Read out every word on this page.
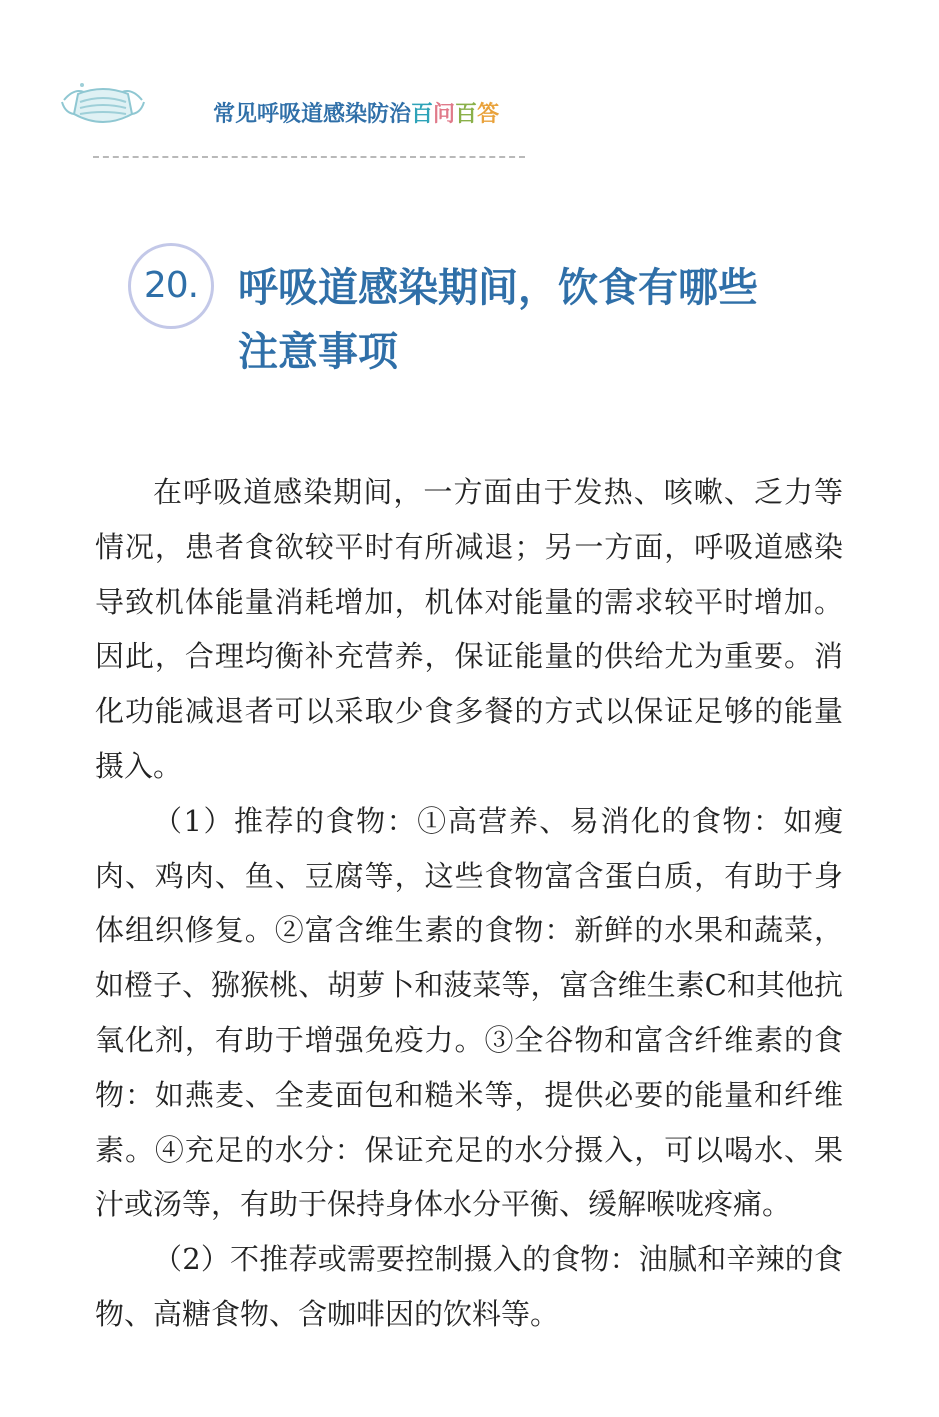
常见呼吸道感染防治百问百答
20. 呼吸道感染期间，饮食有哪些
注意事项

在呼吸道感染期间，一方面由于发热、咳嗽、乏力等情况，患者食欲较平时有所减退；另一方面，呼吸道感染导致机体能量消耗增加，机体对能量的需求较平时增加。因此，合理均衡补充营养，保证能量的供给尤为重要。消化功能减退者可以采取少食多餐的方式以保证足够的能量摄入。

（1）推荐的食物：①高营养、易消化的食物：如瘦肉、鸡肉、鱼、豆腐等，这些食物富含蛋白质，有助于身体组织修复。②富含维生素的食物：新鲜的水果和蔬菜，如橙子、猕猴桃、胡萝卜和菠菜等，富含维生素C和其他抗氧化剂，有助于增强免疫力。③全谷物和富含纤维素的食物：如燕麦、全麦面包和糙米等，提供必要的能量和纤维素。④充足的水分：保证充足的水分摄入，可以喝水、果汁或汤等，有助于保持身体水分平衡、缓解喉咙疼痛。

（2）不推荐或需要控制摄入的食物：油腻和辛辣的食物、高糖食物、含咖啡因的饮料等。
